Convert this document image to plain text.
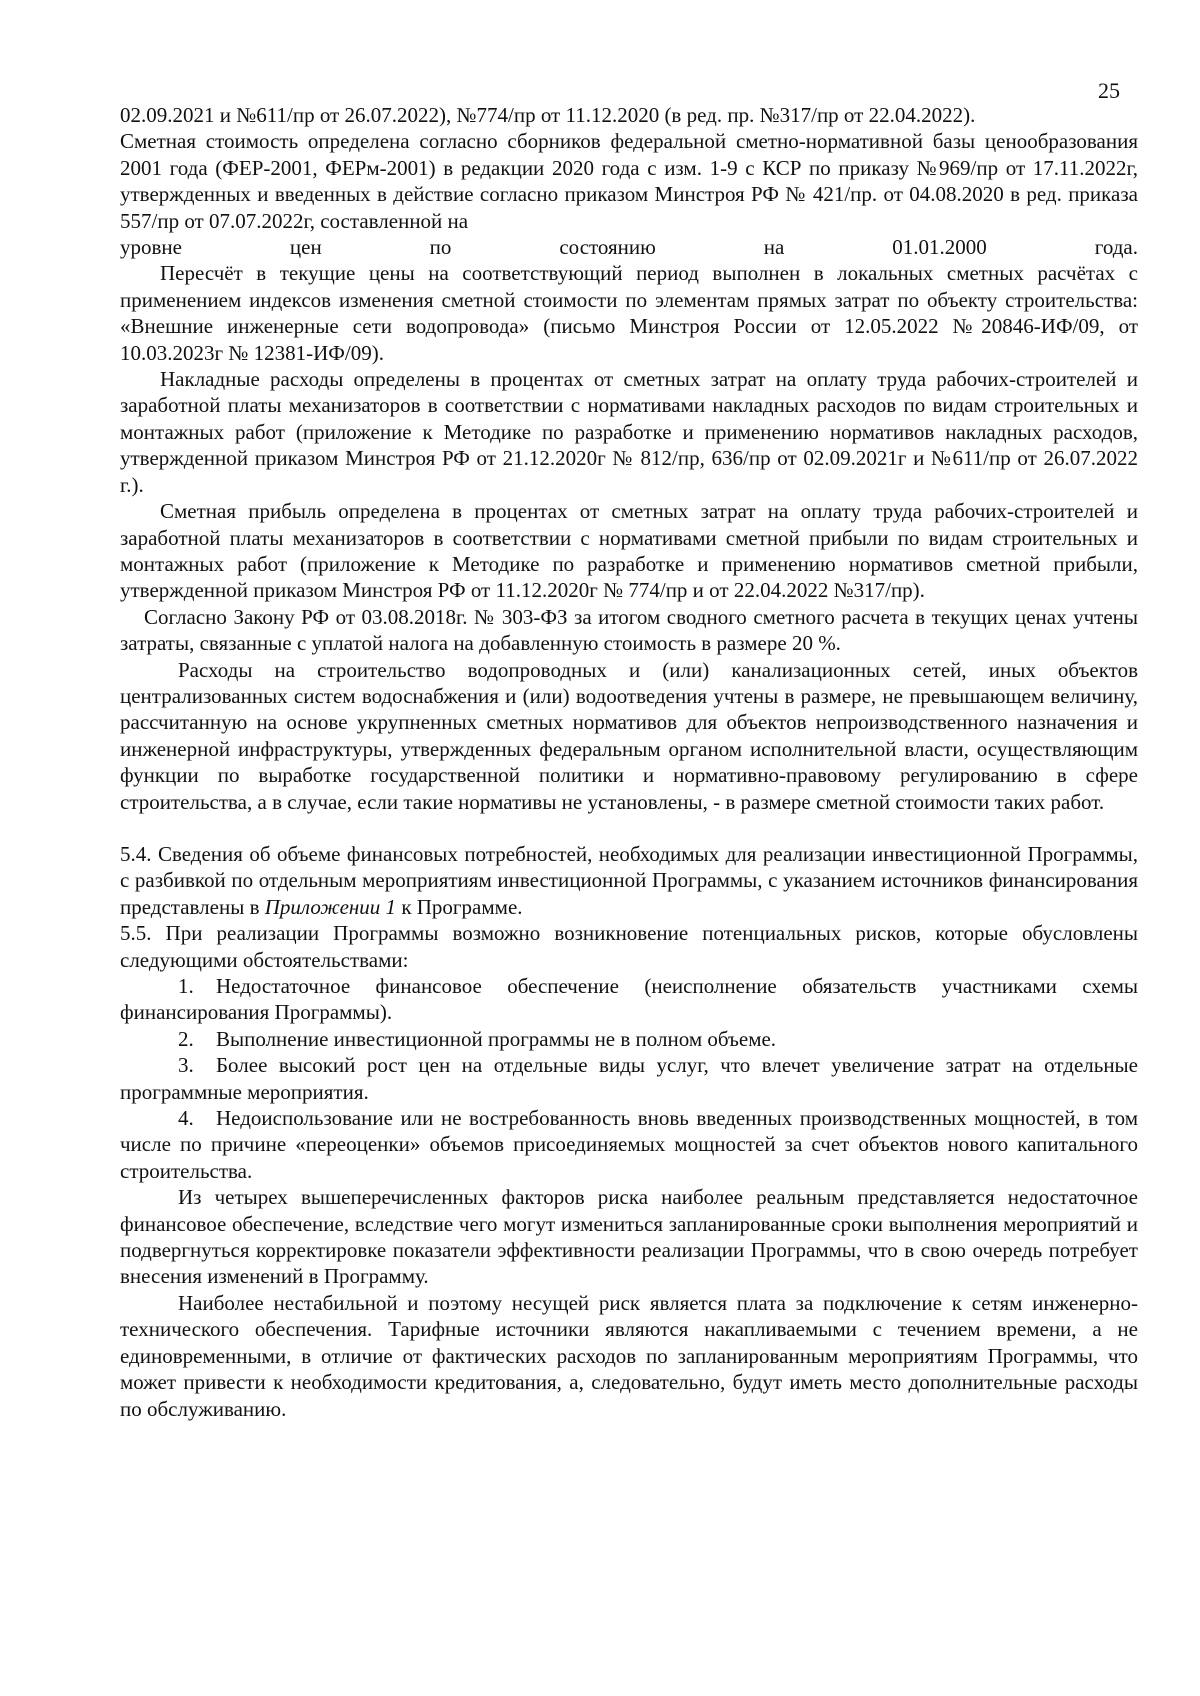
25

02.09.2021 и №611/пр от 26.07.2022), №774/пр от 11.12.2020 (в ред. пр. №317/пр от 22.04.2022).

Сметная стоимость определена согласно сборников федеральной сметно-нормативной базы ценообразования 2001 года (ФЕР-2001, ФЕРм-2001) в редакции 2020 года с изм. 1-9 с КСР по приказу №969/пр от 17.11.2022г, утвержденных и введенных в действие согласно приказом Минстроя РФ № 421/пр. от 04.08.2020 в ред. приказа 557/пр от 07.07.2022г, составленной на

уровне цен по состоянию на 01.01.2000 года.

Пересчёт в текущие цены на соответствующий период выполнен в локальных сметных расчётах с применением индексов изменения сметной стоимости по элементам прямых затрат по объекту строительства: «Внешние инженерные сети водопровода» (письмо Минстроя России от 12.05.2022 №20846-ИФ/09, от 10.03.2023г № 12381-ИФ/09).

Накладные расходы определены в процентах от сметных затрат на оплату труда рабочих-строителей и заработной платы механизаторов в соответствии с нормативами накладных расходов по видам строительных и монтажных работ (приложение к Методике по разработке и применению нормативов накладных расходов, утвержденной приказом Минстроя РФ от 21.12.2020г № 812/пр, 636/пр от 02.09.2021г и №611/пр от 26.07.2022 г.).

Сметная прибыль определена в процентах от сметных затрат на оплату труда рабочих-строителей и заработной платы механизаторов в соответствии с нормативами сметной прибыли по видам строительных и монтажных работ (приложение к Методике по разработке и применению нормативов сметной прибыли, утвержденной приказом Минстроя РФ от 11.12.2020г № 774/пр и от 22.04.2022 №317/пр).

Согласно Закону РФ от 03.08.2018г. № 303-ФЗ за итогом сводного сметного расчета в текущих ценах учтены затраты, связанные с уплатой налога на добавленную стоимость в размере 20 %.

Расходы на строительство водопроводных и (или) канализационных сетей, иных объектов централизованных систем водоснабжения и (или) водоотведения учтены в размере, не превышающем величину, рассчитанную на основе укрупненных сметных нормативов для объектов непроизводственного назначения и инженерной инфраструктуры, утвержденных федеральным органом исполнительной власти, осуществляющим функции по выработке государственной политики и нормативно-правовому регулированию в сфере строительства, а в случае, если такие нормативы не установлены, - в размере сметной стоимости таких работ.

5.4. Сведения об объеме финансовых потребностей, необходимых для реализации инвестиционной Программы, с разбивкой по отдельным мероприятиям инвестиционной Программы, с указанием источников финансирования представлены в Приложении 1 к Программе.

5.5. При реализации Программы возможно возникновение потенциальных рисков, которые обусловлены следующими обстоятельствами:

1. Недостаточное финансовое обеспечение (неисполнение обязательств участниками схемы финансирования Программы).

2. Выполнение инвестиционной программы не в полном объеме.

3. Более высокий рост цен на отдельные виды услуг, что влечет увеличение затрат на отдельные программные мероприятия.

4. Недоиспользование или не востребованность вновь введенных производственных мощностей, в том числе по причине «переоценки» объемов присоединяемых мощностей за счет объектов нового капитального строительства.

Из четырех вышеперечисленных факторов риска наиболее реальным представляется недостаточное финансовое обеспечение, вследствие чего могут измениться запланированные сроки выполнения мероприятий и подвергнуться корректировке показатели эффективности реализации Программы, что в свою очередь потребует внесения изменений в Программу.

Наиболее нестабильной и поэтому несущей риск является плата за подключение к сетям инженерно-технического обеспечения. Тарифные источники являются накапливаемыми с течением времени, а не единовременными, в отличие от фактических расходов по запланированным мероприятиям Программы, что может привести к необходимости кредитования, а, следовательно, будут иметь место дополнительные расходы по обслуживанию.
